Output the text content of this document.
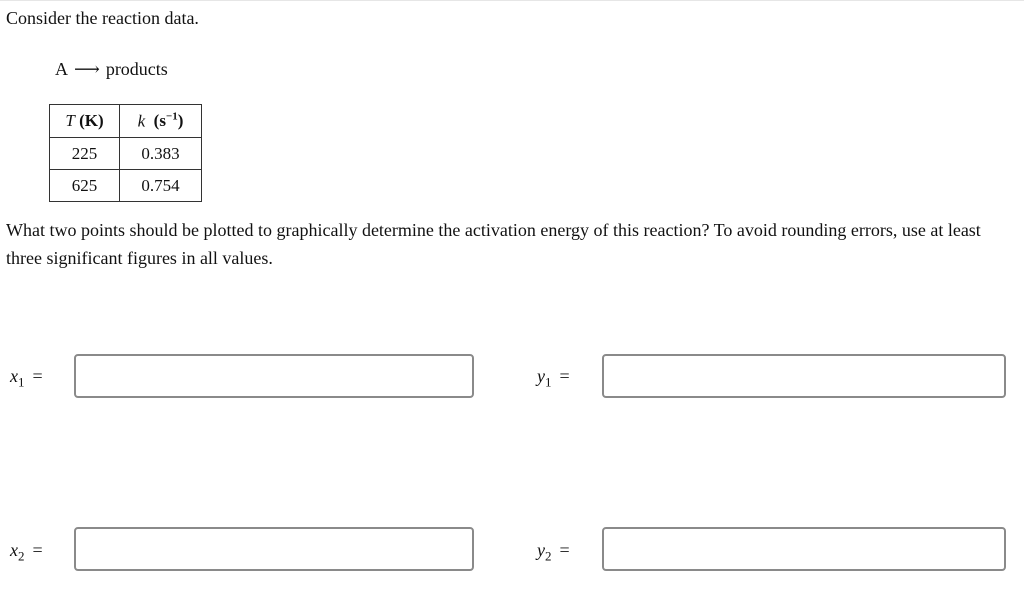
Consider the reaction data.
A ⟶ products
T (K)	k $(s^{-1})$
225	0.383
625	0.754
What two points should be plotted to graphically determine the activation energy of this reaction? To avoid rounding errors, use at least three significant figures in all values.
$x_1$ =	$y_1$ =
$x_2$ =	$y_2$ =
